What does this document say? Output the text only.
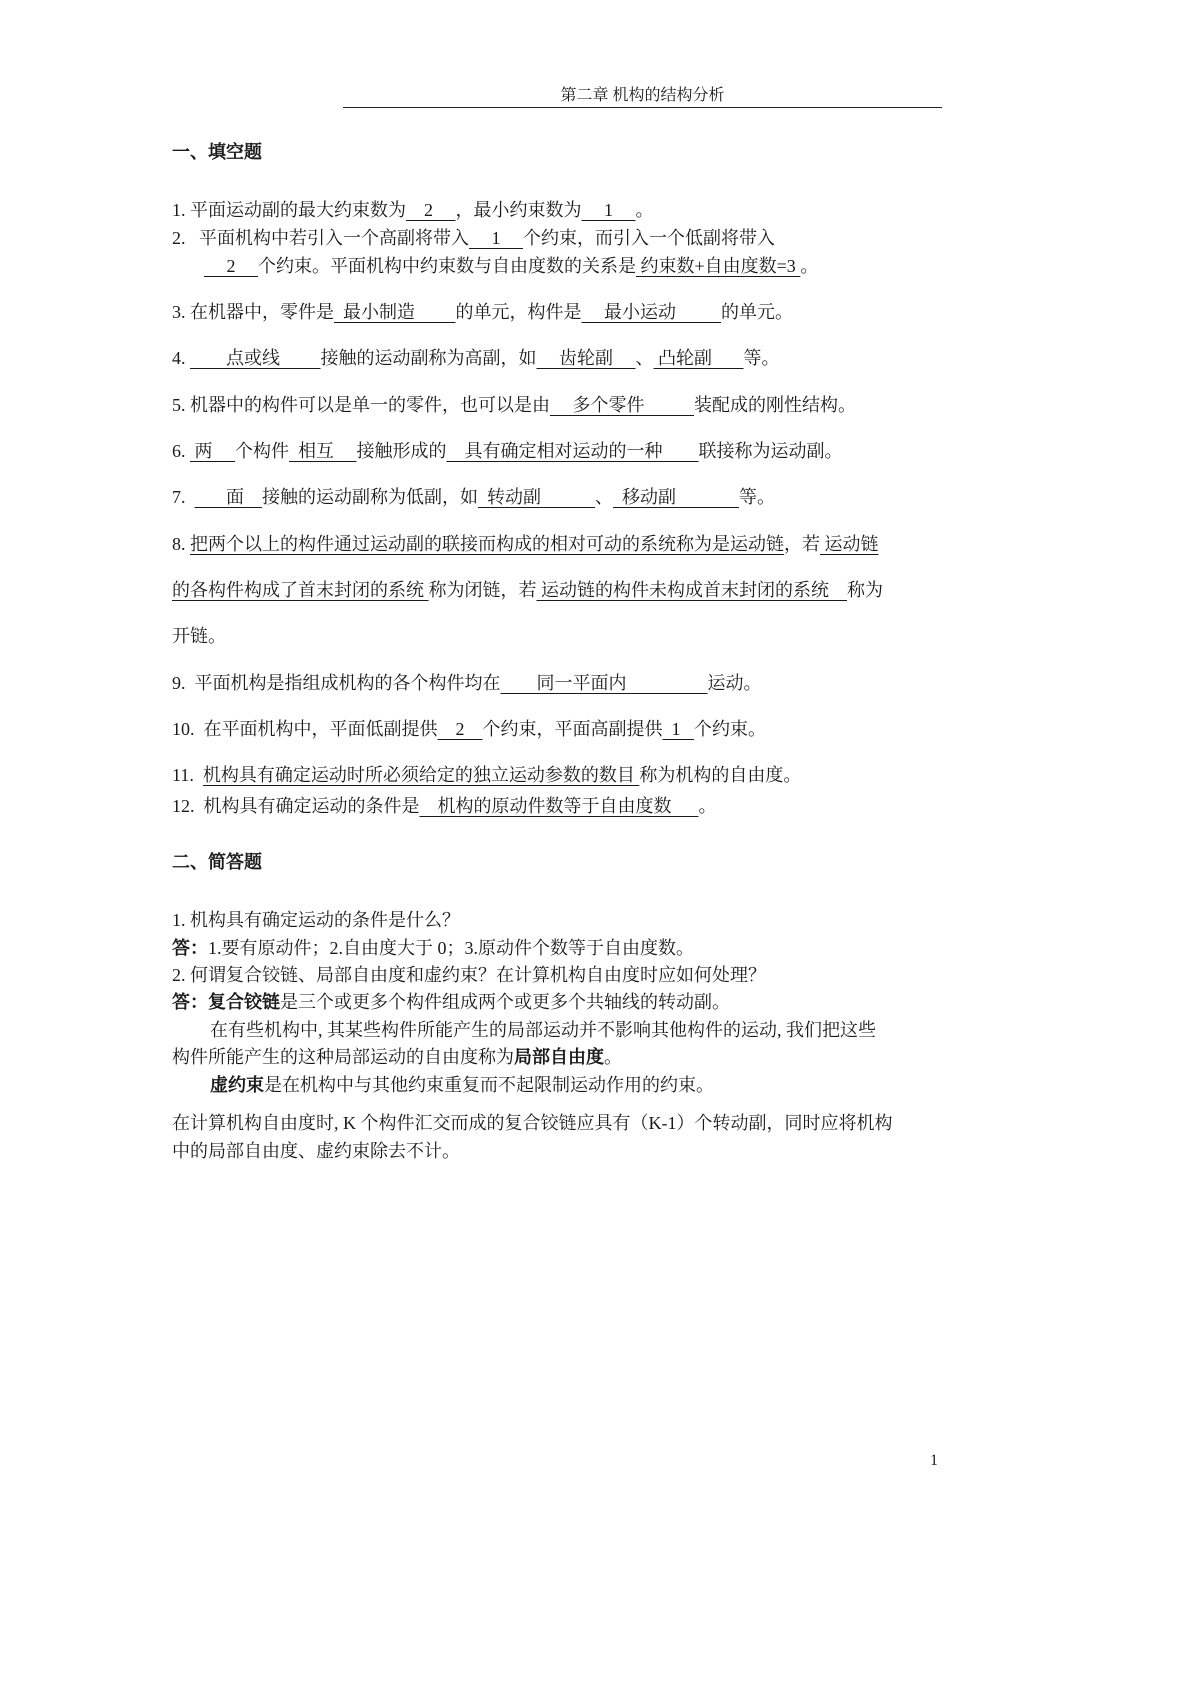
第二章 机构的结构分析
一、填空题
1. 平面运动副的最大约束数为    2     ，最小约束数为     1     。
2.   平面机构中若引入一个高副将带入     1     个约束，而引入一个低副将带入
2     个约束。平面机构中约束数与自由度数的关系是 约束数+自由度数=3 。
3. 在机器中，零件是  最小制造         的单元，构件是     最小运动          的单元。
4.         点或线         接触的运动副称为高副，如     齿轮副     、 凸轮副       等。
5. 机器中的构件可以是单一的零件，也可以是由     多个零件           装配成的刚性结构。
6.  两     个构件  相互     接触形成的    具有确定相对运动的一种        联接称为运动副。
7.         面    接触的运动副称为低副，如  转动副            、  移动副              等。
8. 把两个以上的构件通过运动副的联接而构成的相对可动的系统称为是运动链，若 运动链
的各构件构成了首末封闭的系统 称为闭链，若 运动链的构件未构成首末封闭的系统    称为
开链。
9.  平面机构是指组成机构的各个构件均在        同一平面内                  运动。
10.  在平面机构中，平面低副提供    2    个约束，平面高副提供  1   个约束。
11.  机构具有确定运动时所必须给定的独立运动参数的数目 称为机构的自由度。
12.  机构具有确定运动的条件是    机构的原动件数等于自由度数      。
二、简答题
1. 机构具有确定运动的条件是什么？
答：1.要有原动件；2.自由度大于 0；3.原动件个数等于自由度数。
2. 何谓复合铰链、局部自由度和虚约束？在计算机构自由度时应如何处理？
答：复合铰链是三个或更多个构件组成两个或更多个共轴线的转动副。
在有些机构中, 其某些构件所能产生的局部运动并不影响其他构件的运动, 我们把这些
构件所能产生的这种局部运动的自由度称为局部自由度。
虚约束是在机构中与其他约束重复而不起限制运动作用的约束。
在计算机构自由度时, K 个构件汇交而成的复合铰链应具有（K-1）个转动副，同时应将机构
中的局部自由度、虚约束除去不计。
1
